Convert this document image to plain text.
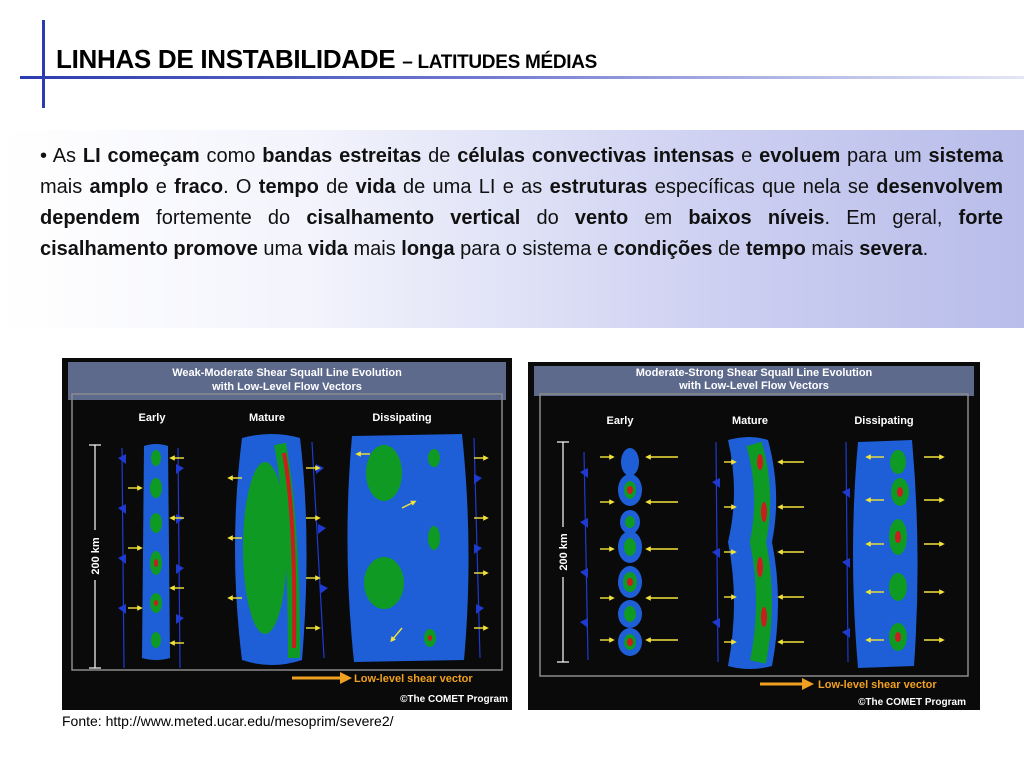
LINHAS DE INSTABILIDADE – LATITUDES MÉDIAS

• As LI começam como bandas estreitas de células convectivas intensas e evoluem para um sistema mais amplo e fraco. O tempo de vida de uma LI e as estruturas específicas que nela se desenvolvem dependem fortemente do cisalhamento vertical do vento em baixos níveis. Em geral, forte cisalhamento promove uma vida mais longa para o sistema e condições de tempo mais severa.

Weak-Moderate Shear Squall Line Evolution
with Low-Level Flow Vectors
Early	Mature	Dissipating
200 km
Low-level shear vector
©The COMET Program
Moderate-Strong Shear Squall Line Evolution
with Low-Level Flow Vectors
Early	Mature	Dissipating
200 km
Low-level shear vector
©The COMET Program

Fonte: http://www.meted.ucar.edu/mesoprim/severe2/
